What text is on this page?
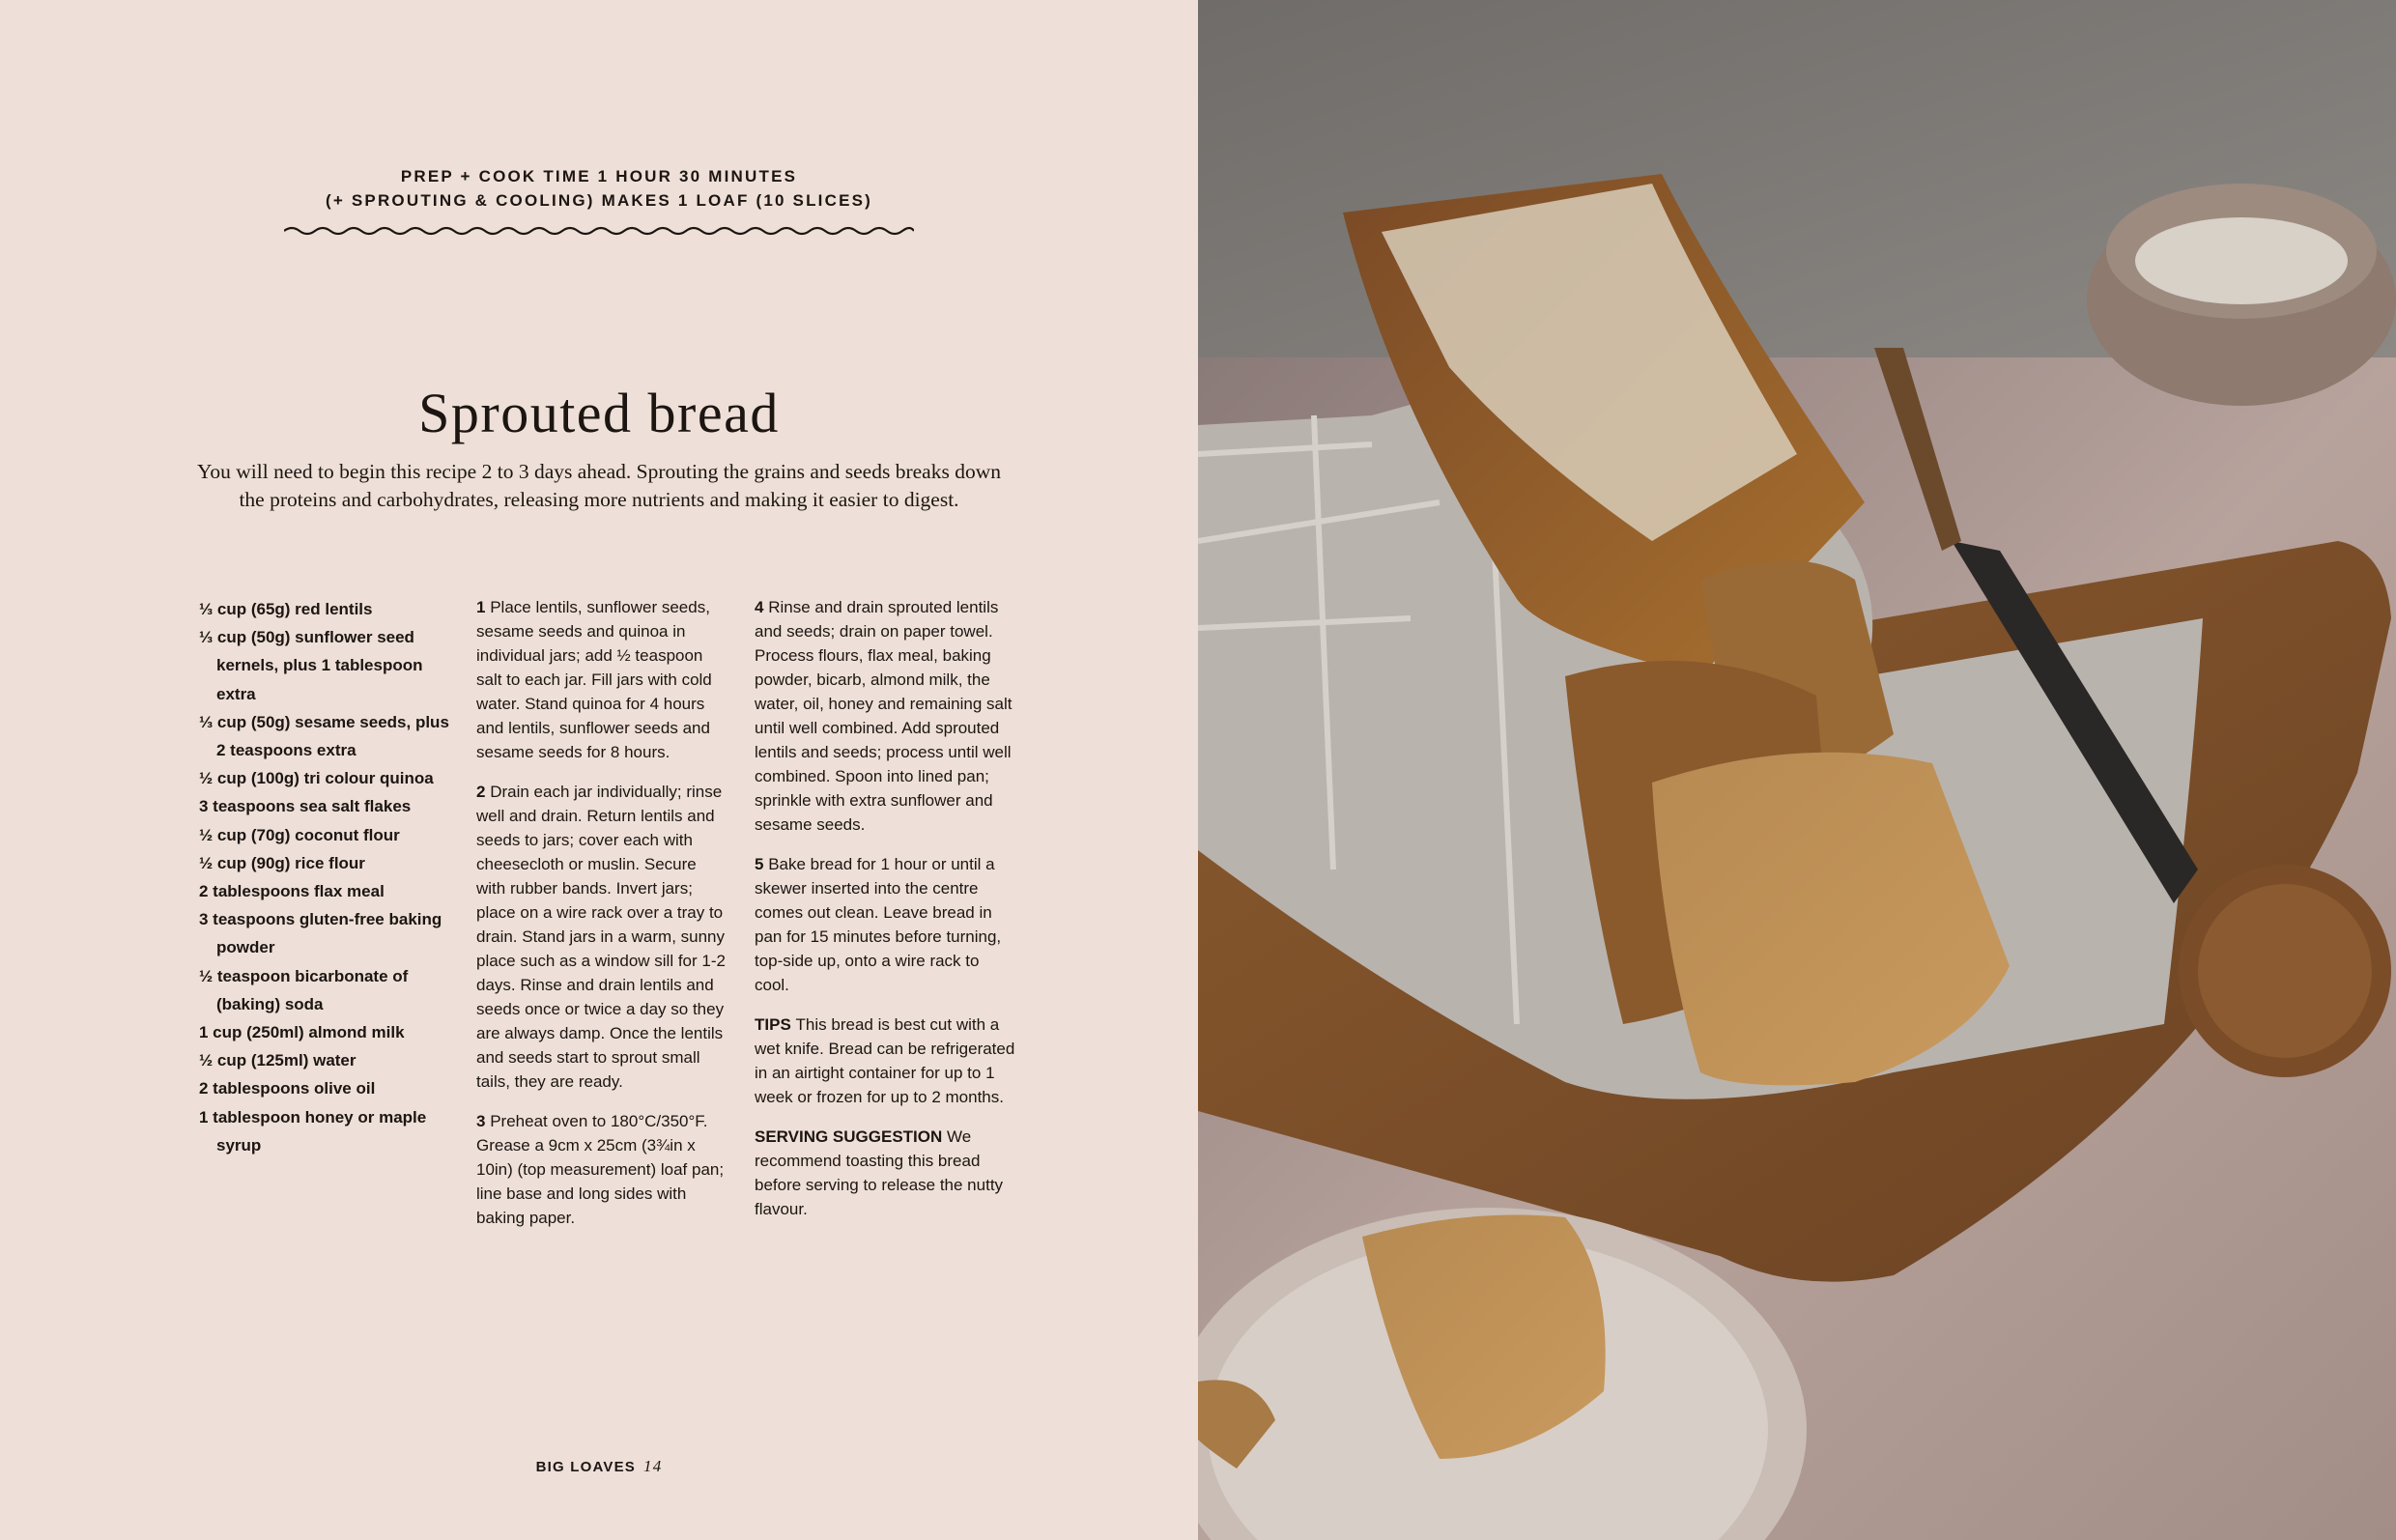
PREP + COOK TIME 1 HOUR 30 MINUTES
(+ SPROUTING & COOLING) MAKES 1 LOAF (10 SLICES)
Sprouted bread

You will need to begin this recipe 2 to 3 days ahead. Sprouting the grains and seeds breaks down the proteins and carbohydrates, releasing more nutrients and making it easier to digest.

⅓ cup (65g) red lentils
⅓ cup (50g) sunflower seed kernels, plus 1 tablespoon extra
⅓ cup (50g) sesame seeds, plus 2 teaspoons extra
½ cup (100g) tri colour quinoa
3 teaspoons sea salt flakes
½ cup (70g) coconut flour
½ cup (90g) rice flour
2 tablespoons flax meal
3 teaspoons gluten-free baking powder
½ teaspoon bicarbonate of (baking) soda
1 cup (250ml) almond milk
½ cup (125ml) water
2 tablespoons olive oil
1 tablespoon honey or maple syrup
1 Place lentils, sunflower seeds, sesame seeds and quinoa in individual jars; add ½ teaspoon salt to each jar. Fill jars with cold water. Stand quinoa for 4 hours and lentils, sunflower seeds and sesame seeds for 8 hours.
2 Drain each jar individually; rinse well and drain. Return lentils and seeds to jars; cover each with cheesecloth or muslin. Secure with rubber bands. Invert jars; place on a wire rack over a tray to drain. Stand jars in a warm, sunny place such as a window sill for 1-2 days. Rinse and drain lentils and seeds once or twice a day so they are always damp. Once the lentils and seeds start to sprout small tails, they are ready.
3 Preheat oven to 180°C/350°F. Grease a 9cm x 25cm (3¾in x 10in) (top measurement) loaf pan; line base and long sides with baking paper.
4 Rinse and drain sprouted lentils and seeds; drain on paper towel. Process flours, flax meal, baking powder, bicarb, almond milk, the water, oil, honey and remaining salt until well combined. Add sprouted lentils and seeds; process until well combined. Spoon into lined pan; sprinkle with extra sunflower and sesame seeds.
5 Bake bread for 1 hour or until a skewer inserted into the centre comes out clean. Leave bread in pan for 15 minutes before turning, top-side up, onto a wire rack to cool.
TIPS This bread is best cut with a wet knife. Bread can be refrigerated in an airtight container for up to 1 week or frozen for up to 2 months.
SERVING SUGGESTION We recommend toasting this bread before serving to release the nutty flavour.
BIG LOAVES 14
